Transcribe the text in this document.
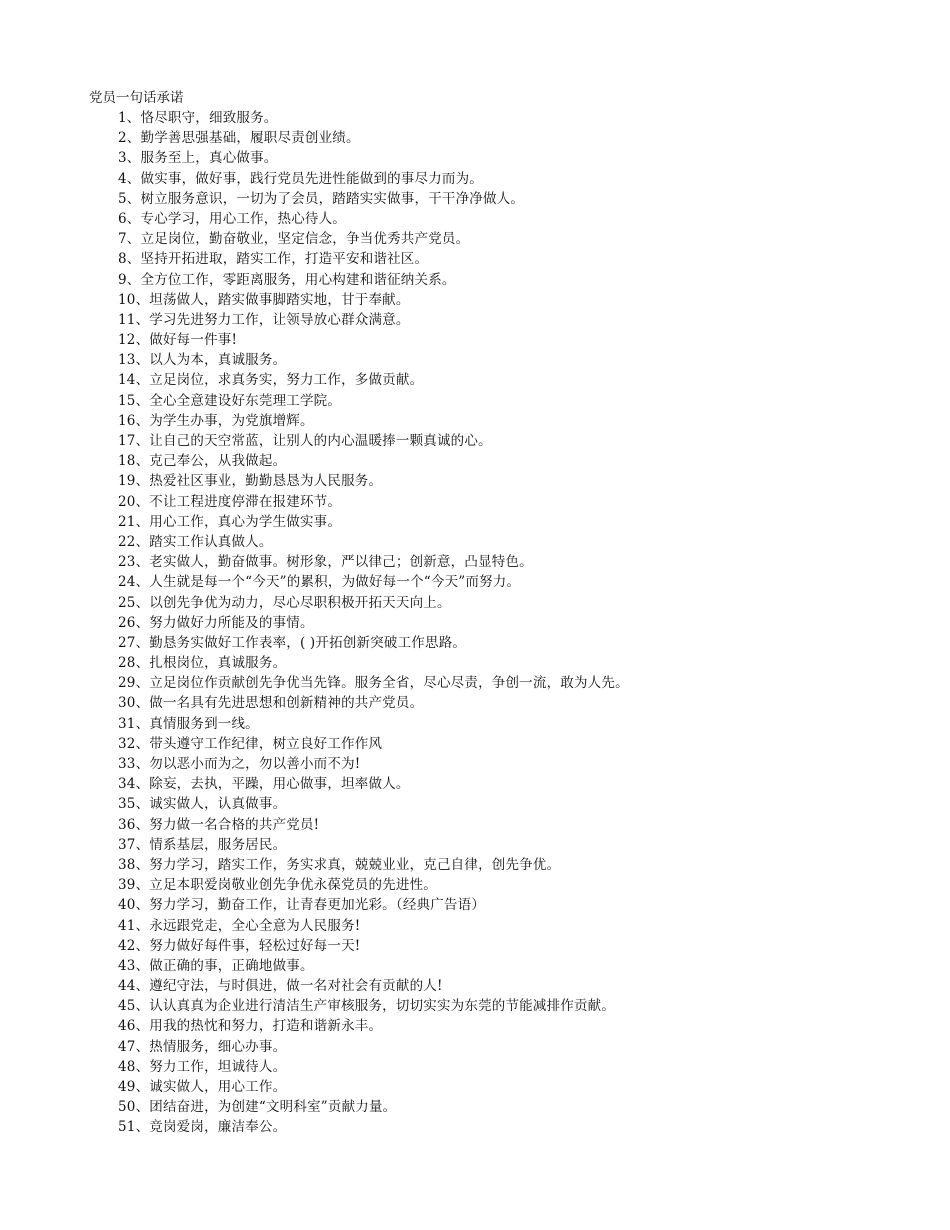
党员一句话承诺
1、恪尽职守，细致服务。
2、勤学善思强基础，履职尽责创业绩。
3、服务至上，真心做事。
4、做实事，做好事，践行党员先进性能做到的事尽力而为。
5、树立服务意识，一切为了会员，踏踏实实做事，干干净净做人。
6、专心学习，用心工作，热心待人。
7、立足岗位，勤奋敬业，坚定信念，争当优秀共产党员。
8、坚持开拓进取，踏实工作，打造平安和谐社区。
9、全方位工作，零距离服务，用心构建和谐征纳关系。
10、坦荡做人，踏实做事脚踏实地，甘于奉献。
11、学习先进努力工作，让领导放心群众满意。
12、做好每一件事!
13、以人为本，真诚服务。
14、立足岗位，求真务实，努力工作，多做贡献。
15、全心全意建设好东莞理工学院。
16、为学生办事，为党旗增辉。
17、让自己的天空常蓝，让别人的内心温暖捧一颗真诚的心。
18、克己奉公，从我做起。
19、热爱社区事业，勤勤恳恳为人民服务。
20、不让工程进度停滞在报建环节。
21、用心工作，真心为学生做实事。
22、踏实工作认真做人。
23、老实做人，勤奋做事。树形象，严以律己；创新意，凸显特色。
24、人生就是每一个“今天”的累积，为做好每一个“今天”而努力。
25、以创先争优为动力，尽心尽职积极开拓天天向上。
26、努力做好力所能及的事情。
27、勤恳务实做好工作表率，( )开拓创新突破工作思路。
28、扎根岗位，真诚服务。
29、立足岗位作贡献创先争优当先锋。服务全省，尽心尽责，争创一流，敢为人先。
30、做一名具有先进思想和创新精神的共产党员。
31、真情服务到一线。
32、带头遵守工作纪律，树立良好工作作风
33、勿以恶小而为之，勿以善小而不为!
34、除妄，去执，平躁，用心做事，坦率做人。
35、诚实做人，认真做事。
36、努力做一名合格的共产党员!
37、情系基层，服务居民。
38、努力学习，踏实工作，务实求真，兢兢业业，克己自律，创先争优。
39、立足本职爱岗敬业创先争优永葆党员的先进性。
40、努力学习，勤奋工作，让青春更加光彩。（经典广告语）
41、永远跟党走，全心全意为人民服务!
42、努力做好每件事，轻松过好每一天!
43、做正确的事，正确地做事。
44、遵纪守法，与时俱进，做一名对社会有贡献的人!
45、认认真真为企业进行清洁生产审核服务，切切实实为东莞的节能减排作贡献。
46、用我的热忱和努力，打造和谐新永丰。
47、热情服务，细心办事。
48、努力工作，坦诚待人。
49、诚实做人，用心工作。
50、团结奋进，为创建“文明科室”贡献力量。
51、竞岗爱岗，廉洁奉公。
